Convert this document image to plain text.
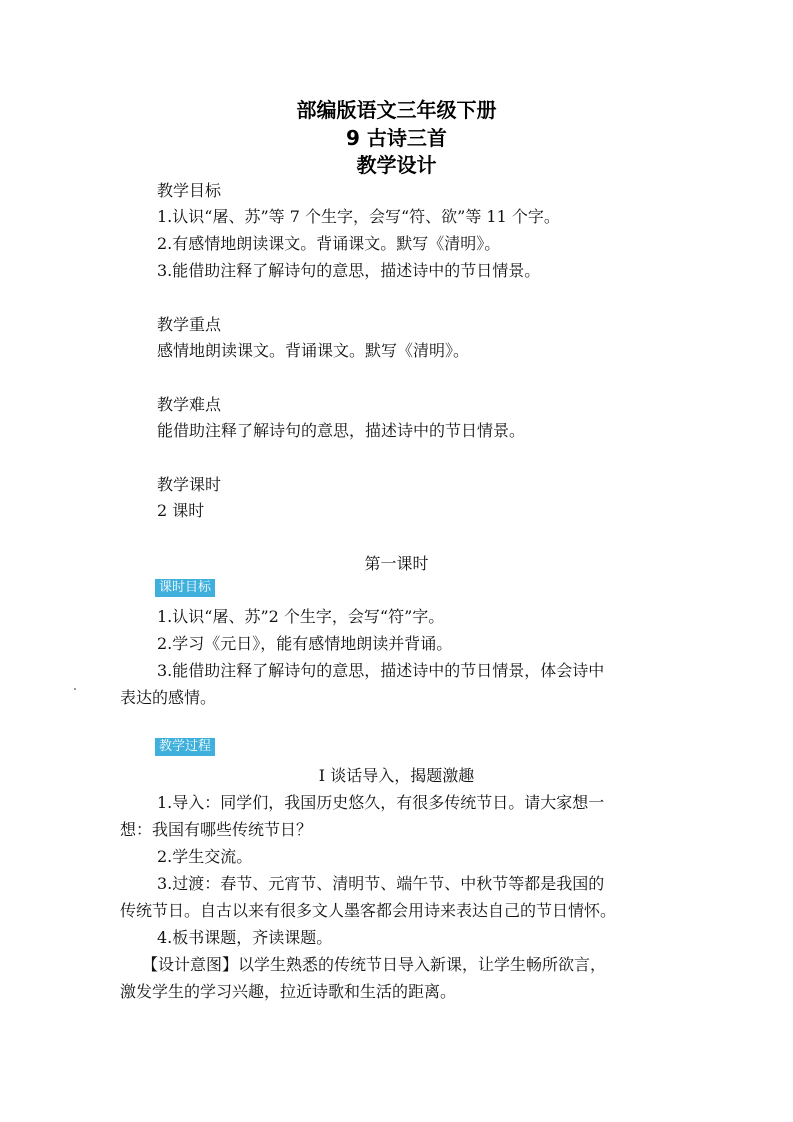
部编版语文三年级下册
9 古诗三首
教学设计
教学目标
1.认识“屠、苏”等 7 个生字，会写“符、欲”等 11 个字。
2.有感情地朗读课文。背诵课文。默写《清明》。
3.能借助注释了解诗句的意思，描述诗中的节日情景。
教学重点
感情地朗读课文。背诵课文。默写《清明》。
教学难点
能借助注释了解诗句的意思，描述诗中的节日情景。
教学课时
2 课时
第一课时
课时目标
1.认识“屠、苏”2 个生字，会写“符”字。
2.学习《元日》，能有感情地朗读并背诵。
3.能借助注释了解诗句的意思，描述诗中的节日情景，体会诗中
表达的感情。
教学过程
Ⅰ 谈话导入，揭题激趣
1.导入：同学们，我国历史悠久，有很多传统节日。请大家想一
想：我国有哪些传统节日？
2.学生交流。
3.过渡：春节、元宵节、清明节、端午节、中秋节等都是我国的
传统节日。自古以来有很多文人墨客都会用诗来表达自己的节日情怀。
4.板书课题，齐读课题。
【设计意图】以学生熟悉的传统节日导入新课，让学生畅所欲言，
激发学生的学习兴趣，拉近诗歌和生活的距离。
